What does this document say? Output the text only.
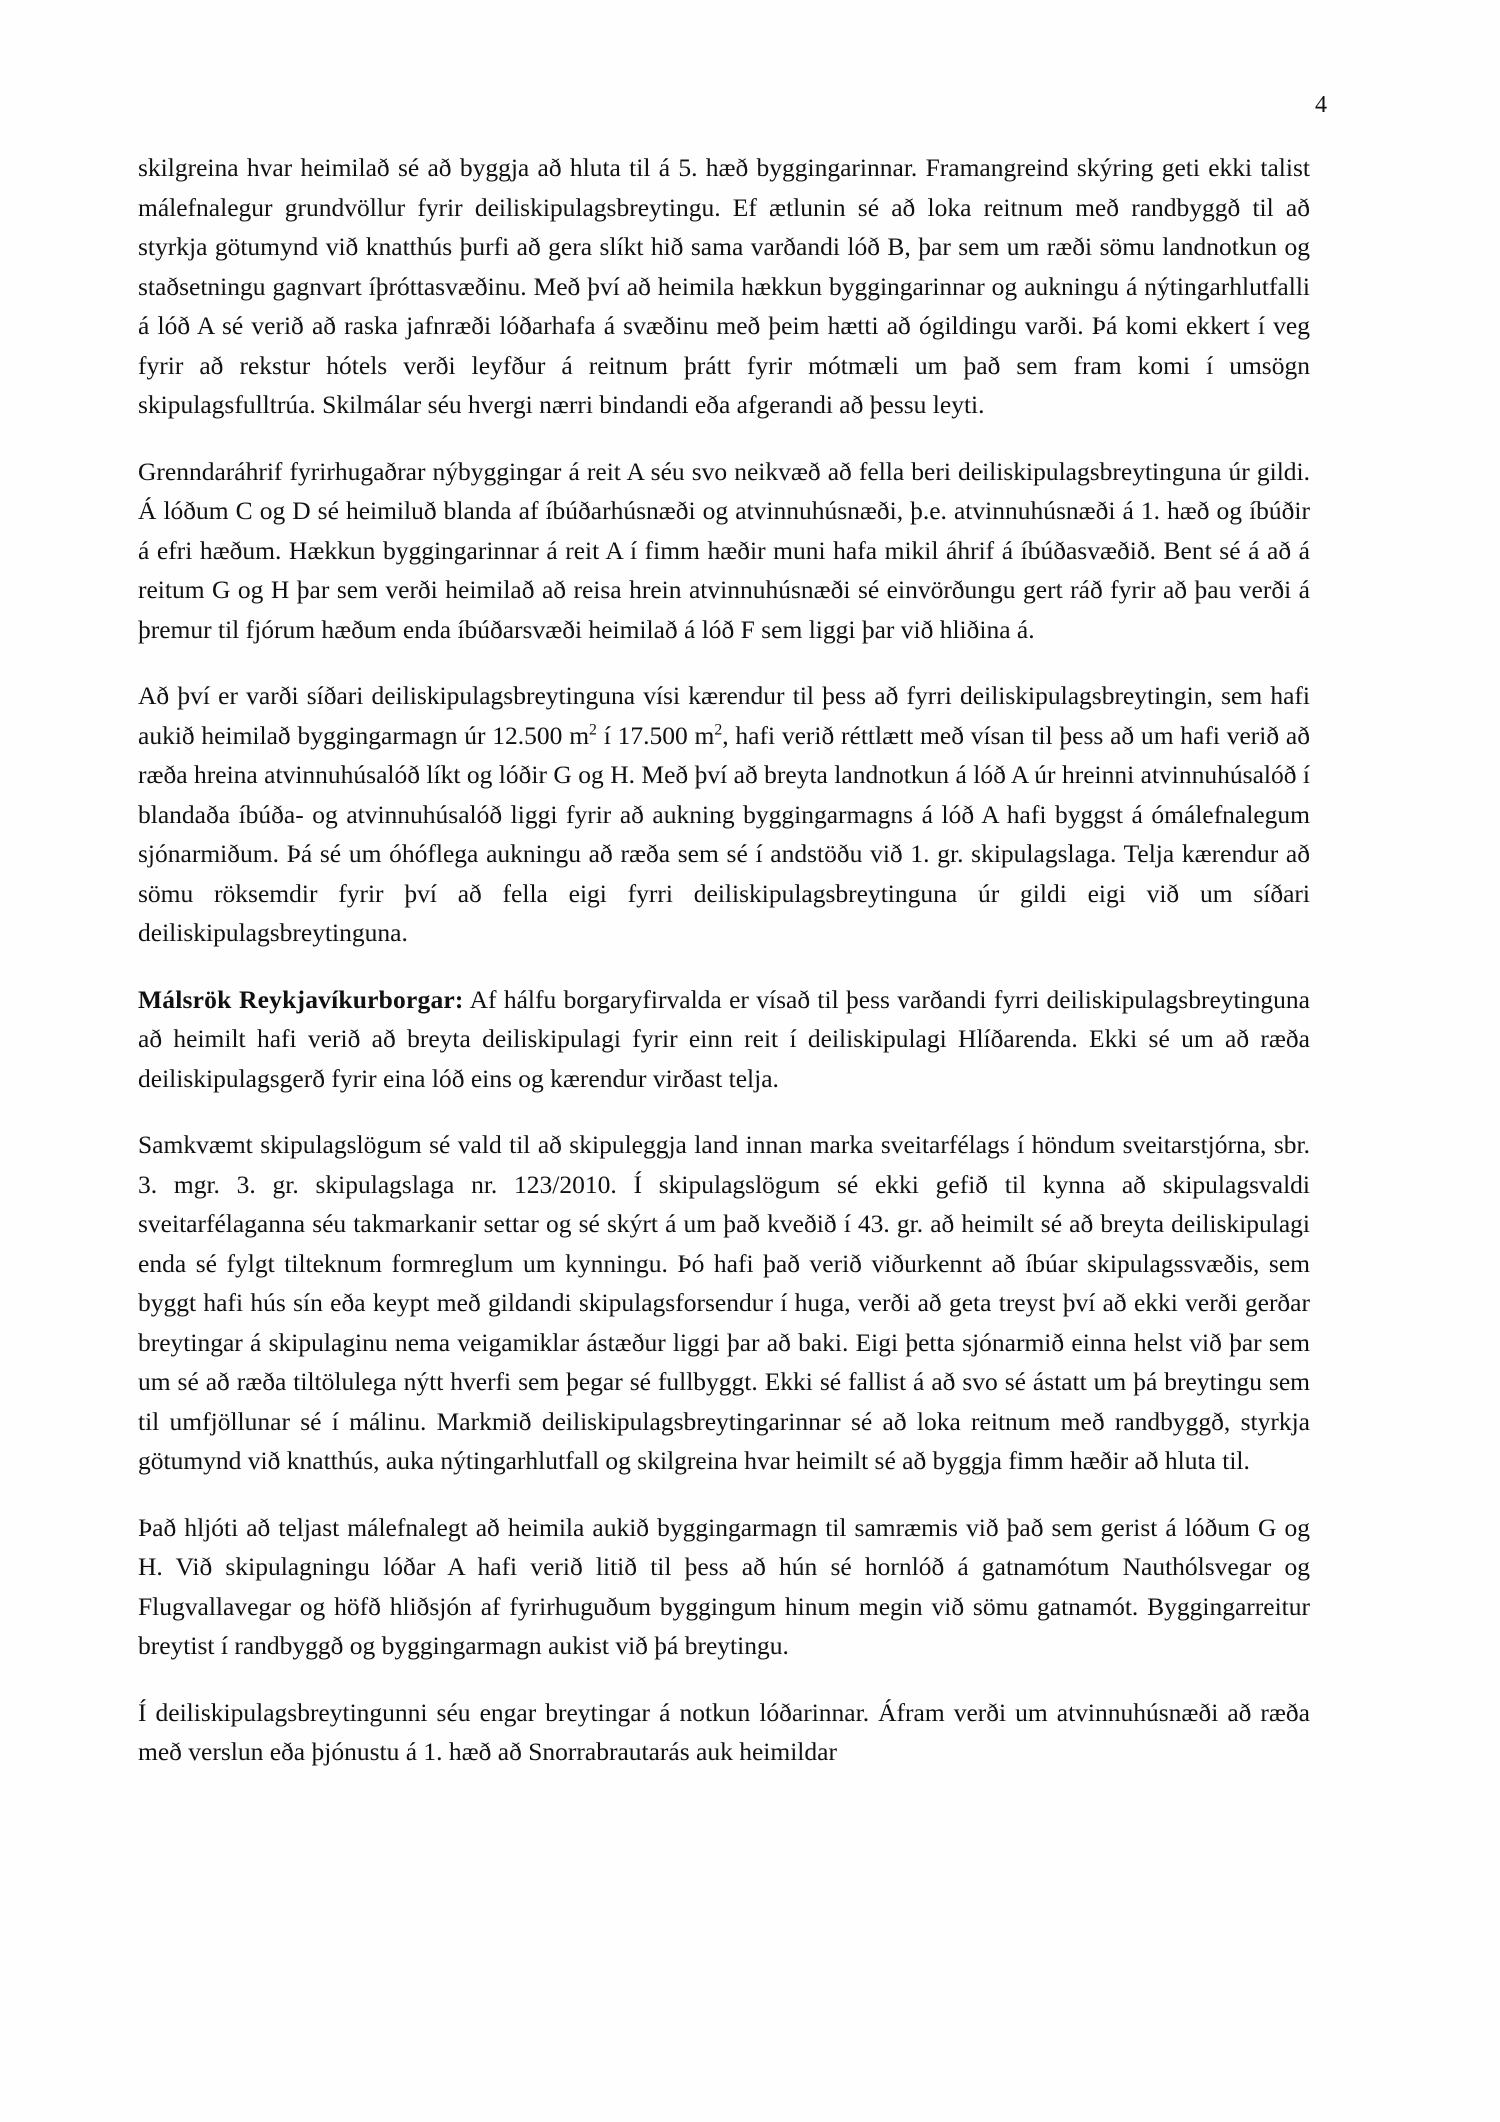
4

skilgreina hvar heimilað sé að byggja að hluta til á 5. hæð byggingarinnar. Framangreind skýring geti ekki talist málefnalegur grundvöllur fyrir deiliskipulagsbreytingu. Ef ætlunin sé að loka reitnum með randbyggð til að styrkja götumynd við knatthús þurfi að gera slíkt hið sama varðandi lóð B, þar sem um ræði sömu landnotkun og staðsetningu gagnvart íþróttasvæðinu. Með því að heimila hækkun byggingarinnar og aukningu á nýtingarhlutfalli á lóð A sé verið að raska jafnræði lóðarhafa á svæðinu með þeim hætti að ógildingu varði. Þá komi ekkert í veg fyrir að rekstur hótels verði leyfður á reitnum þrátt fyrir mótmæli um það sem fram komi í umsögn skipulagsfulltrúa. Skilmálar séu hvergi nærri bindandi eða afgerandi að þessu leyti.

Grenndaráhrif fyrirhugaðrar nýbyggingar á reit A séu svo neikvæð að fella beri deiliskipulagsbreytinguna úr gildi. Á lóðum C og D sé heimiluð blanda af íbúðarhúsnæði og atvinnuhúsnæði, þ.e. atvinnuhúsnæði á 1. hæð og íbúðir á efri hæðum. Hækkun byggingarinnar á reit A í fimm hæðir muni hafa mikil áhrif á íbúðasvæðið. Bent sé á að á reitum G og H þar sem verði heimilað að reisa hrein atvinnuhúsnæði sé einvörðungu gert ráð fyrir að þau verði á þremur til fjórum hæðum enda íbúðarsvæði heimilað á lóð F sem liggi þar við hliðina á.

Að því er varði síðari deiliskipulagsbreytinguna vísi kærendur til þess að fyrri deiliskipulagsbreytingin, sem hafi aukið heimilað byggingarmagn úr 12.500 $m^2$ í 17.500 $m^2$, hafi verið réttlætt með vísan til þess að um hafi verið að ræða hreina atvinnuhúsalóð líkt og lóðir G og H. Með því að breyta landnotkun á lóð A úr hreinni atvinnuhúsalóð í blandaða íbúða- og atvinnuhúsalóð liggi fyrir að aukning byggingarmagns á lóð A hafi byggst á ómálefnalegum sjónarmiðum. Þá sé um óhóflega aukningu að ræða sem sé í andstöðu við 1. gr. skipulagslaga. Telja kærendur að sömu röksemdir fyrir því að fella eigi fyrri deiliskipulagsbreytinguna úr gildi eigi við um síðari deiliskipulagsbreytinguna.

Málsrök Reykjavíkurborgar: Af hálfu borgaryfirvalda er vísað til þess varðandi fyrri deiliskipulagsbreytinguna að heimilt hafi verið að breyta deiliskipulagi fyrir einn reit í deiliskipulagi Hlíðarenda. Ekki sé um að ræða deiliskipulagsgerð fyrir eina lóð eins og kærendur virðast telja.

Samkvæmt skipulagslögum sé vald til að skipuleggja land innan marka sveitarfélags í höndum sveitarstjórna, sbr. 3. mgr. 3. gr. skipulagslaga nr. 123/2010. Í skipulagslögum sé ekki gefið til kynna að skipulagsvaldi sveitarfélaganna séu takmarkanir settar og sé skýrt á um það kveðið í 43. gr. að heimilt sé að breyta deiliskipulagi enda sé fylgt tilteknum formreglum um kynningu. Þó hafi það verið viðurkennt að íbúar skipulagssvæðis, sem byggt hafi hús sín eða keypt með gildandi skipulagsforsendur í huga, verði að geta treyst því að ekki verði gerðar breytingar á skipulaginu nema veigamiklar ástæður liggi þar að baki. Eigi þetta sjónarmið einna helst við þar sem um sé að ræða tiltölulega nýtt hverfi sem þegar sé fullbyggt. Ekki sé fallist á að svo sé ástatt um þá breytingu sem til umfjöllunar sé í málinu. Markmið deiliskipulagsbreytingarinnar sé að loka reitnum með randbyggð, styrkja götumynd við knatthús, auka nýtingarhlutfall og skilgreina hvar heimilt sé að byggja fimm hæðir að hluta til.

Það hljóti að teljast málefnalegt að heimila aukið byggingarmagn til samræmis við það sem gerist á lóðum G og H. Við skipulagningu lóðar A hafi verið litið til þess að hún sé hornlóð á gatnamótum Nauthólsvegar og Flugvallavegar og höfð hliðsjón af fyrirhuguðum byggingum hinum megin við sömu gatnamót. Byggingarreitur breytist í randbyggð og byggingarmagn aukist við þá breytingu.

Í deiliskipulagsbreytingunni séu engar breytingar á notkun lóðarinnar. Áfram verði um atvinnuhúsnæði að ræða með verslun eða þjónustu á 1. hæð að Snorrabrautarás auk heimildar
